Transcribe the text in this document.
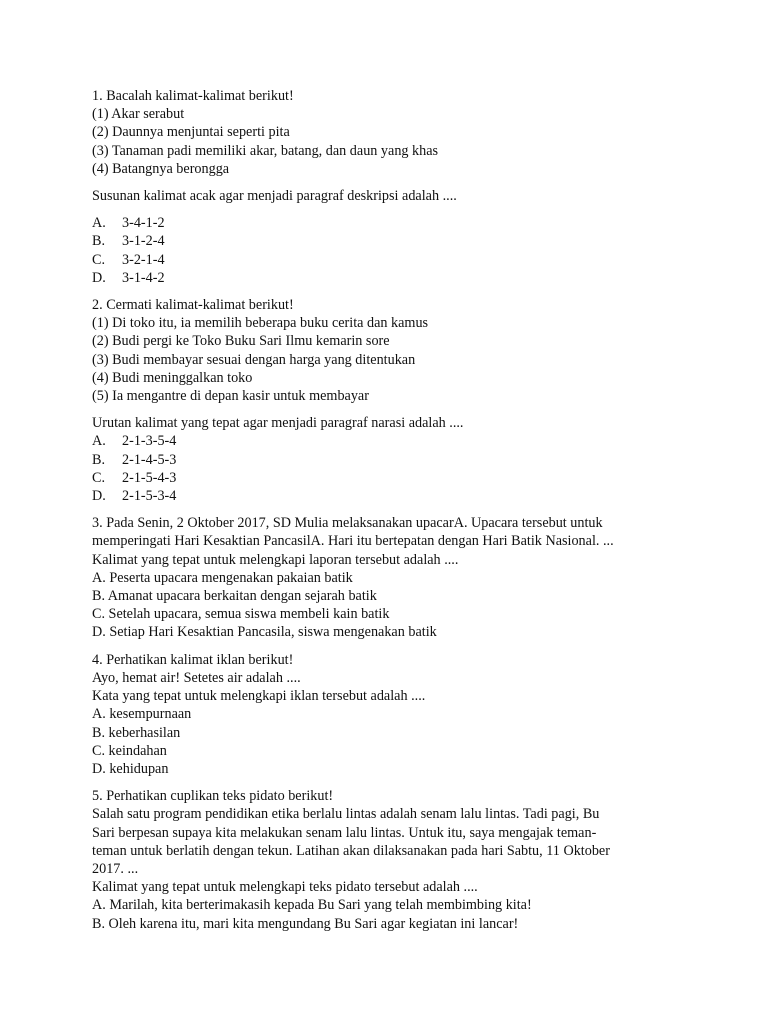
1. Bacalah kalimat-kalimat berikut!
(1) Akar serabut
(2) Daunnya menjuntai seperti pita
(3) Tanaman padi memiliki akar, batang, dan daun yang khas
(4) Batangnya berongga
Susunan kalimat acak agar menjadi paragraf deskripsi adalah ....
A. 3-4-1-2
B. 3-1-2-4
C. 3-2-1-4
D. 3-1-4-2
2. Cermati kalimat-kalimat berikut!
(1) Di toko itu, ia memilih beberapa buku cerita dan kamus
(2) Budi pergi ke Toko Buku Sari Ilmu kemarin sore
(3) Budi membayar sesuai dengan harga yang ditentukan
(4) Budi meninggalkan toko
(5) Ia mengantre di depan kasir untuk membayar
Urutan kalimat yang tepat agar menjadi paragraf narasi adalah ....
A. 2-1-3-5-4
B. 2-1-4-5-3
C. 2-1-5-4-3
D. 2-1-5-3-4
3. Pada Senin, 2 Oktober 2017, SD Mulia melaksanakan upacarA. Upacara tersebut untuk
memperingati Hari Kesaktian PancasilA. Hari itu bertepatan dengan Hari Batik Nasional. ...
Kalimat yang tepat untuk melengkapi laporan tersebut adalah ....
A. Peserta upacara mengenakan pakaian batik
B. Amanat upacara berkaitan dengan sejarah batik
C. Setelah upacara, semua siswa membeli kain batik
D. Setiap Hari Kesaktian Pancasila, siswa mengenakan batik
4. Perhatikan kalimat iklan berikut!
Ayo, hemat air! Setetes air adalah ....
Kata yang tepat untuk melengkapi iklan tersebut adalah ....
A. kesempurnaan
B. keberhasilan
C. keindahan
D. kehidupan
5. Perhatikan cuplikan teks pidato berikut!
Salah satu program pendidikan etika berlalu lintas adalah senam lalu lintas. Tadi pagi, Bu
Sari berpesan supaya kita melakukan senam lalu lintas. Untuk itu, saya mengajak teman-
teman untuk berlatih dengan tekun. Latihan akan dilaksanakan pada hari Sabtu, 11 Oktober
2017. ...
Kalimat yang tepat untuk melengkapi teks pidato tersebut adalah ....
A. Marilah, kita berterimakasih kepada Bu Sari yang telah membimbing kita!
B. Oleh karena itu, mari kita mengundang Bu Sari agar kegiatan ini lancar!
